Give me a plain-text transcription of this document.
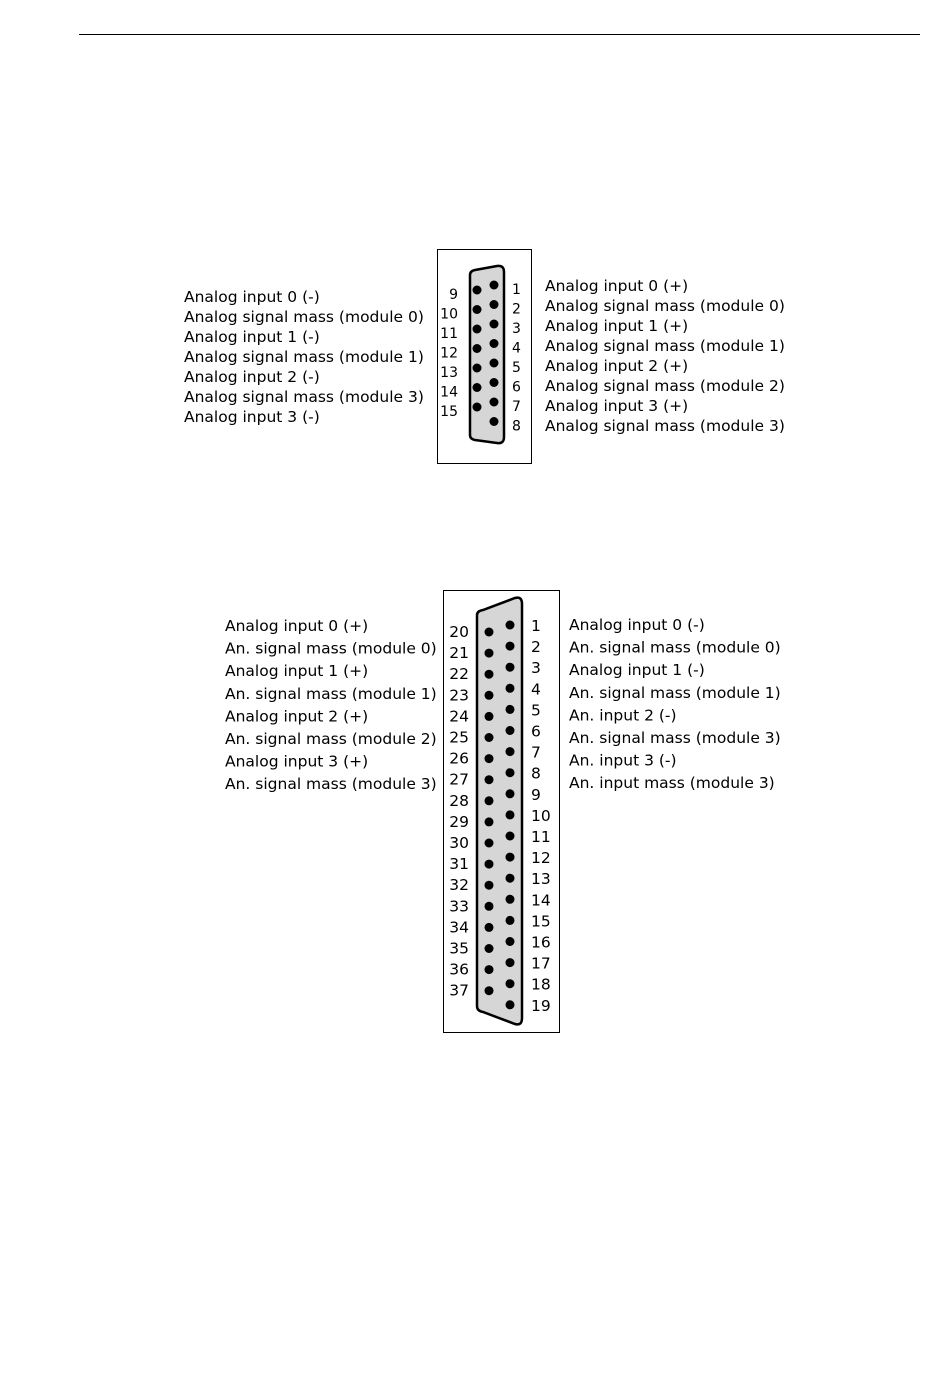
Analog input 0 (-)
Analog signal mass (module 0)
Analog input 1 (-)
Analog signal mass (module 1)
Analog input 2 (-)
Analog signal mass (module 3)
Analog input 3 (-)
Analog input 0 (+)
Analog signal mass (module 0)
Analog input 1 (+)
Analog signal mass (module 1)
Analog input 2 (+)
Analog signal mass (module 2)
Analog input 3 (+)
Analog signal mass (module 3)
9
10
11
12
13
14
15
1
2
3
4
5
6
7
8
Analog input 0 (+)
An. signal mass (module 0)
Analog input 1 (+)
An. signal mass (module 1)
Analog input 2 (+)
An. signal mass (module 2)
Analog input 3 (+)
An. signal mass (module 3)
Analog input 0 (-)
An. signal mass (module 0)
Analog input 1 (-)
An. signal mass (module 1)
An. input 2 (-)
An. signal mass (module 3)
An. input 3 (-)
An. input mass (module 3)
20
21
22
23
24
25
26
27
28
29
30
31
32
33
34
35
36
37
1
2
3
4
5
6
7
8
9
10
11
12
13
14
15
16
17
18
19
